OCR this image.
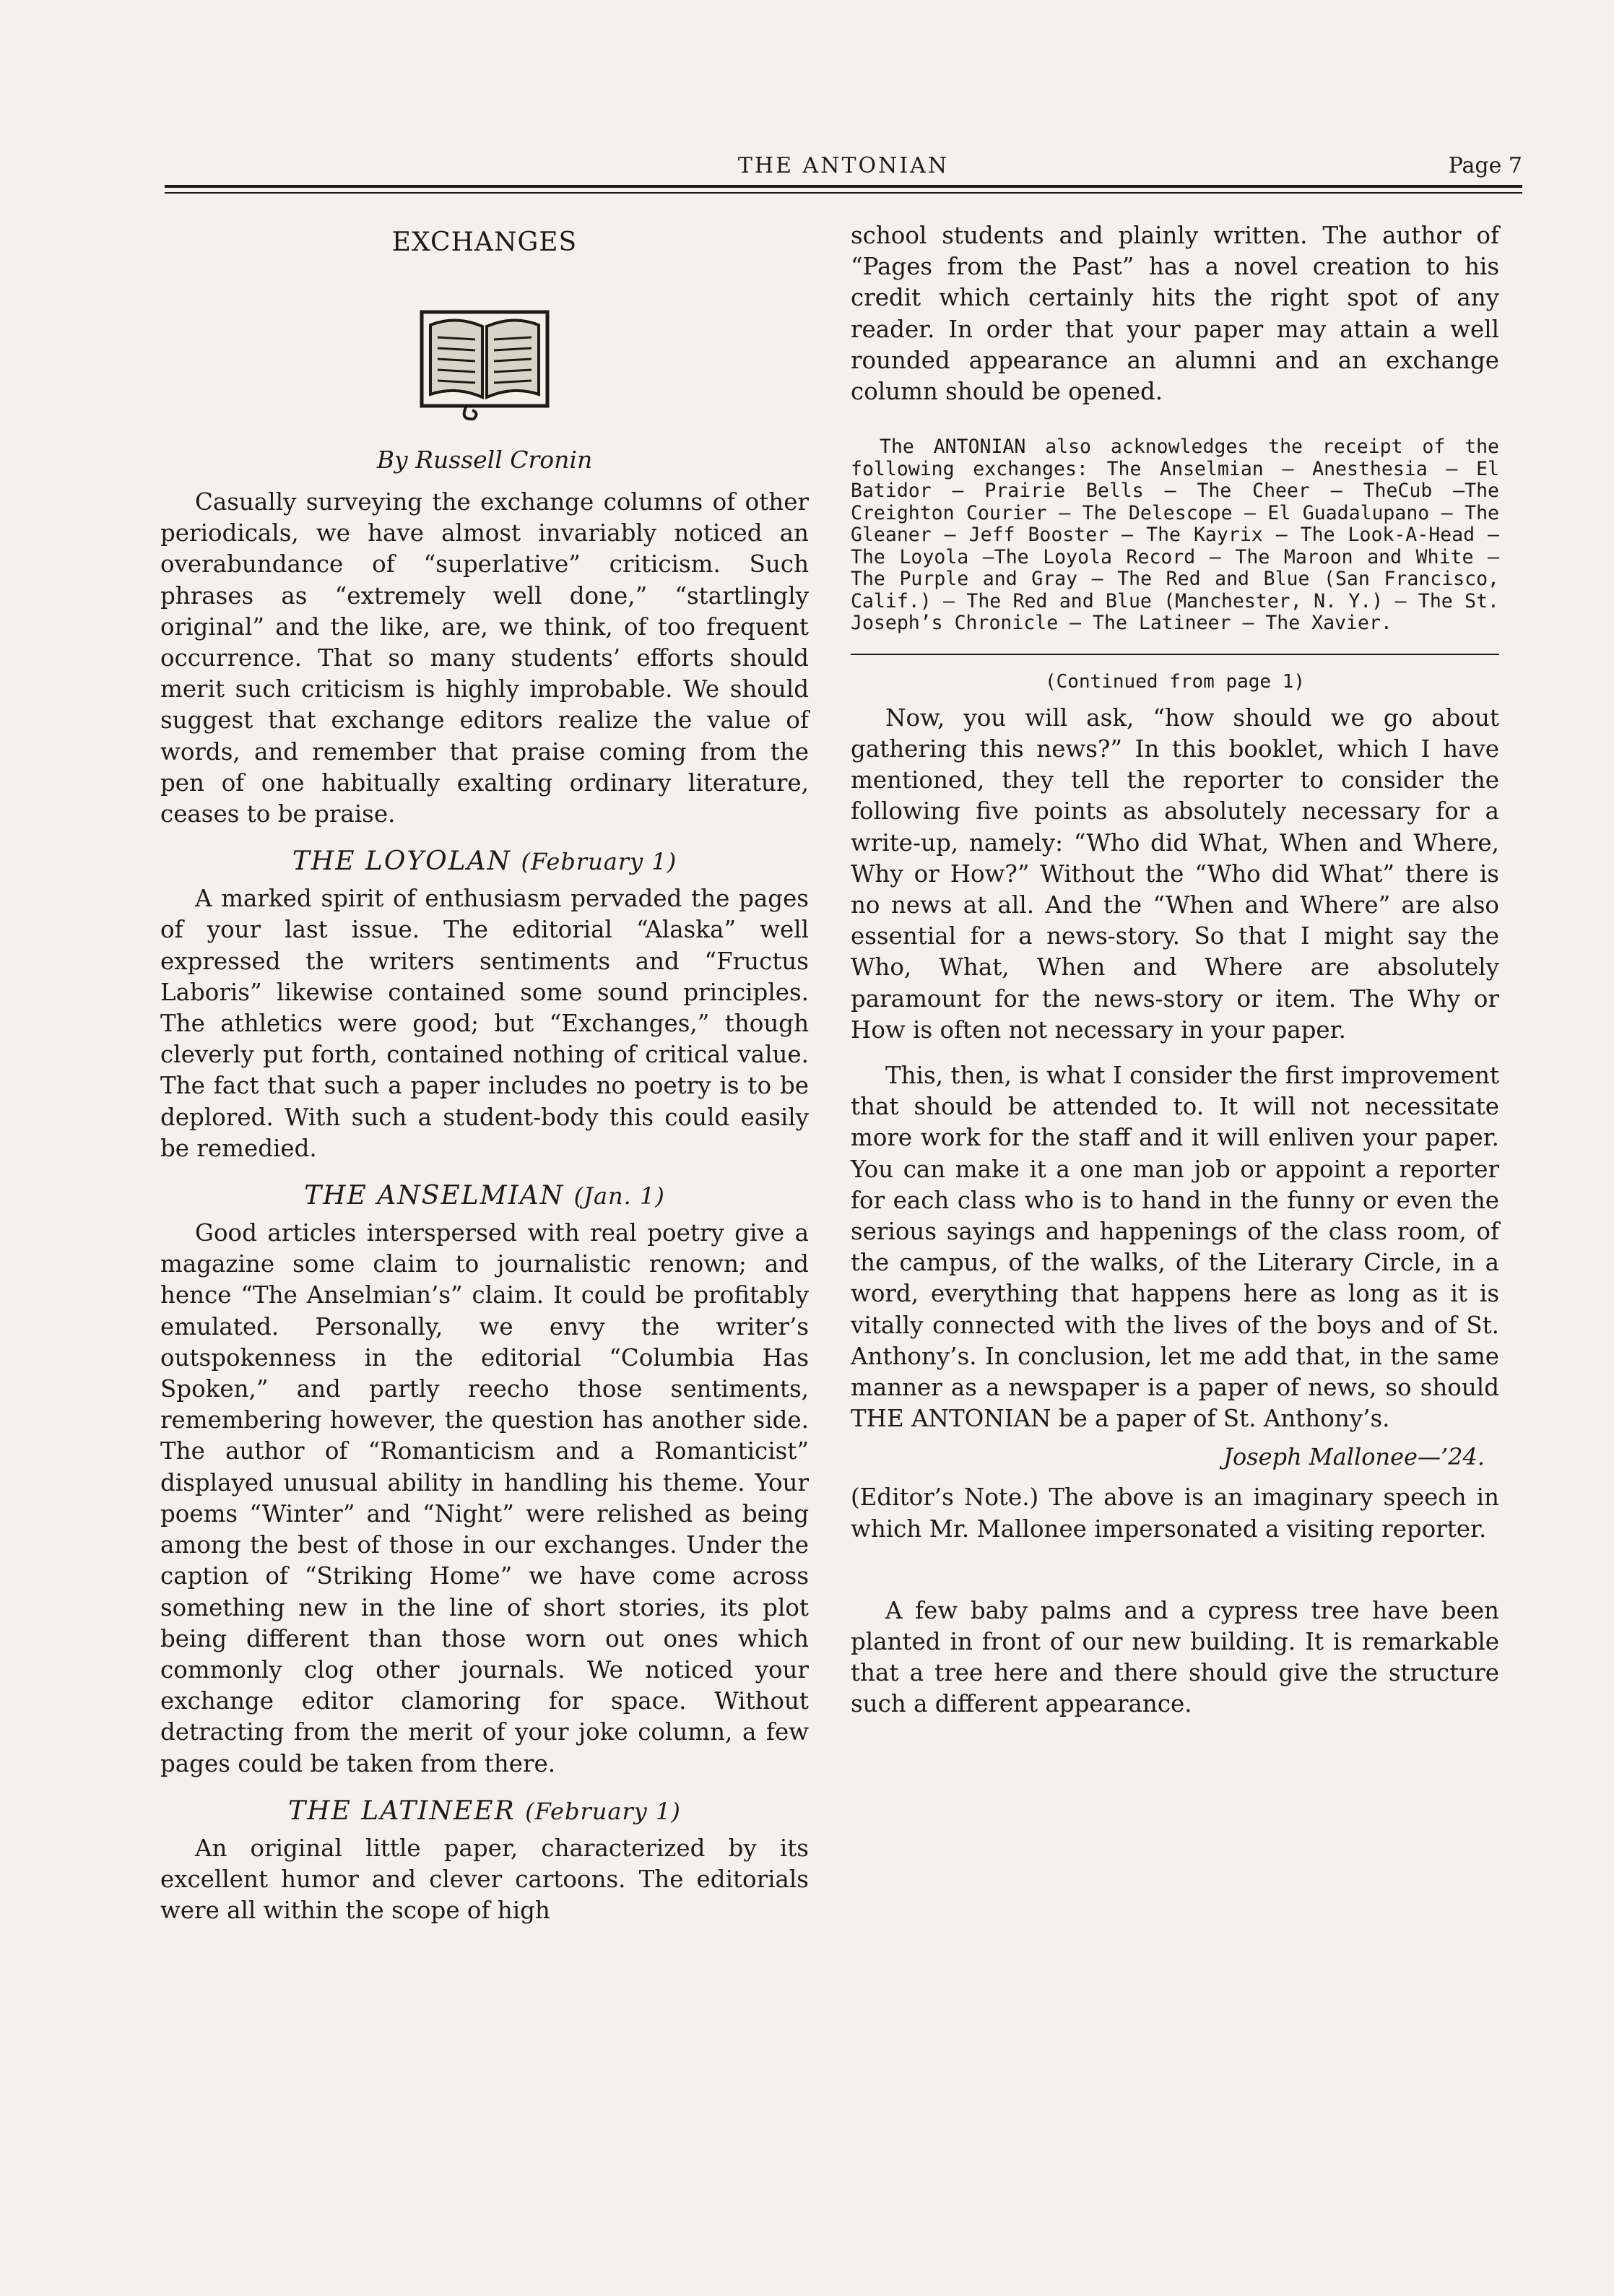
THE ANTONIAN	Page 7
EXCHANGES
By Russell Cronin

Casually surveying the exchange columns of other periodicals, we have almost invariably noticed an overabundance of “superlative” criticism. Such phrases as “extremely well done,” “startlingly original” and the like, are, we think, of too frequent occurrence. That so many students’ efforts should merit such criticism is highly improbable. We should suggest that exchange editors realize the value of words, and remember that praise coming from the pen of one habitually exalting ordinary literature, ceases to be praise.

THE LOYOLAN (February 1)

A marked spirit of enthusiasm pervaded the pages of your last issue. The editorial “Alaska” well expressed the writers sentiments and “Fructus Laboris” likewise contained some sound principles. The athletics were good; but “Exchanges,” though cleverly put forth, contained nothing of critical value. The fact that such a paper includes no poetry is to be deplored. With such a student-body this could easily be remedied.

THE ANSELMIAN (Jan. 1)

Good articles interspersed with real poetry give a magazine some claim to journalistic renown; and hence “The Anselmian’s” claim. It could be profitably emulated. Personally, we envy the writer’s outspokenness in the editorial “Columbia Has Spoken,” and partly reecho those sentiments, remembering however, the question has another side. The author of “Romanticism and a Romanticist” displayed unusual ability in handling his theme. Your poems “Winter” and “Night” were relished as being among the best of those in our exchanges. Under the caption of “Striking Home” we have come across something new in the line of short stories, its plot being different than those worn out ones which commonly clog other journals. We noticed your exchange editor clamoring for space. Without detracting from the merit of your joke column, a few pages could be taken from there.

THE LATINEER (February 1)

An original little paper, characterized by its excellent humor and clever cartoons. The editorials were all within the scope of high

school students and plainly written. The author of “Pages from the Past” has a novel creation to his credit which certainly hits the right spot of any reader. In order that your paper may attain a well rounded appearance an alumni and an exchange column should be opened.

The ANTONIAN also acknowledges the receipt of the following exchanges: The Anselmian — Anesthesia — El Batidor — Prairie Bells — The Cheer — TheCub —The Creighton Courier — The Delescope — El Guadalupano — The Gleaner — Jeff Booster — The Kayrix — The Look-A-Head — The Loyola —The Loyola Record — The Maroon and White — The Purple and Gray — The Red and Blue (San Francisco, Calif.) — The Red and Blue (Manchester, N. Y.) — The St. Joseph’s Chronicle — The Latineer — The Xavier.

(Continued from page 1)

Now, you will ask, “how should we go about gathering this news?” In this booklet, which I have mentioned, they tell the reporter to consider the following five points as absolutely necessary for a write-up, namely: “Who did What, When and Where, Why or How?” Without the “Who did What” there is no news at all. And the “When and Where” are also essential for a news-story. So that I might say the Who, What, When and Where are absolutely paramount for the news-story or item. The Why or How is often not necessary in your paper.

This, then, is what I consider the first improvement that should be attended to. It will not necessitate more work for the staff and it will enliven your paper. You can make it a one man job or appoint a reporter for each class who is to hand in the funny or even the serious sayings and happenings of the class room, of the campus, of the walks, of the Literary Circle, in a word, everything that happens here as long as it is vitally connected with the lives of the boys and of St. Anthony’s. In conclusion, let me add that, in the same manner as a newspaper is a paper of news, so should THE ANTONIAN be a paper of St. Anthony’s.

Joseph Mallonee—’24.

(Editor’s Note.) The above is an imaginary speech in which Mr. Mallonee impersonated a visiting reporter.

A few baby palms and a cypress tree have been planted in front of our new building. It is remarkable that a tree here and there should give the structure such a different appearance.
